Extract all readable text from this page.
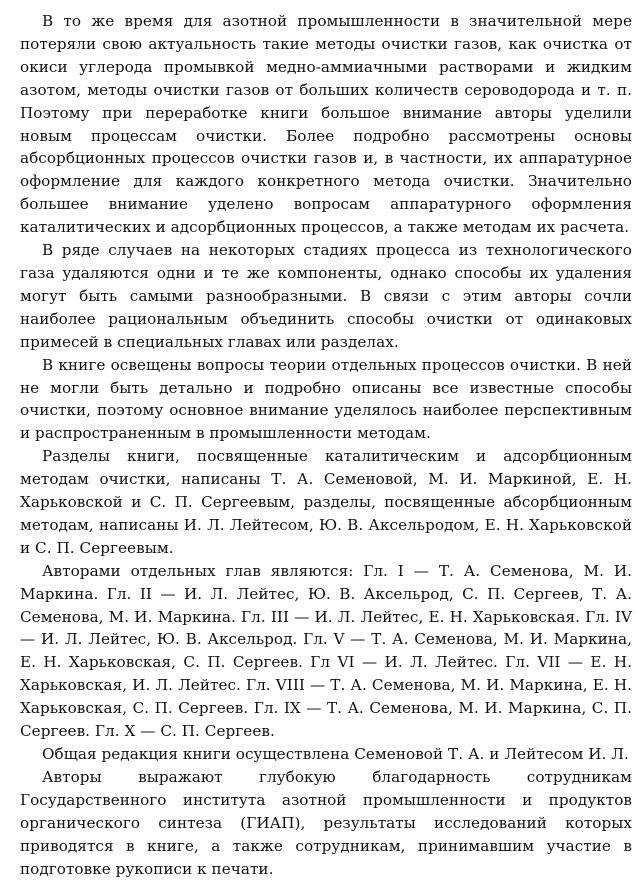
В то же время для азотной промышленности в значительной мере потеряли свою актуальность такие методы очистки газов, как очистка от окиси углерода промывкой медно-аммиачными растворами и жидким азотом, методы очистки газов от больших количеств сероводорода и т. п. Поэтому при переработке книги большое внимание авторы уделили новым процессам очистки. Более подробно рассмотрены основы абсорбционных процессов очистки газов и, в частности, их аппаратурное оформление для каждого конкретного метода очистки. Значительно большее внимание уделено вопросам аппаратурного оформления каталитических и адсорбционных процессов, а также методам их расчета.

В ряде случаев на некоторых стадиях процесса из технологического газа удаляются одни и те же компоненты, однако способы их удаления могут быть самыми разнообразными. В связи с этим авторы сочли наиболее рациональным объединить способы очистки от одинаковых примесей в специальных главах или разделах.

В книге освещены вопросы теории отдельных процессов очистки. В ней не могли быть детально и подробно описаны все известные способы очистки, поэтому основное внимание уделялось наиболее перспективным и распространенным в промышленности методам.

Разделы книги, посвященные каталитическим и адсорбционным методам очистки, написаны Т. А. Семеновой, М. И. Маркиной, Е. Н. Харьковской и С. П. Сергеевым, разделы, посвященные абсорбционным методам, написаны И. Л. Лейтесом, Ю. В. Аксельродом, Е. Н. Харьковской и С. П. Сергеевым.

Авторами отдельных глав являются: Гл. I — Т. А. Семенова, М. И. Маркина. Гл. II — И. Л. Лейтес, Ю. В. Аксельрод, С. П. Сергеев, Т. А. Семенова, М. И. Маркина. Гл. III — И. Л. Лейтес, Е. Н. Харьковская. Гл. IV — И. Л. Лейтес, Ю. В. Аксельрод. Гл. V — Т. А. Семенова, М. И. Маркина, Е. Н. Харьковская, С. П. Сергеев. Гл VI — И. Л. Лейтес. Гл. VII — Е. Н. Харьковская, И. Л. Лейтес. Гл. VIII — Т. А. Семенова, М. И. Маркина, Е. Н. Харьковская, С. П. Сергеев. Гл. IX — Т. А. Семенова, М. И. Маркина, С. П. Сергеев. Гл. X — С. П. Сергеев.

Общая редакция книги осуществлена Семеновой Т. А. и Лейтесом И. Л.

Авторы выражают глубокую благодарность сотрудникам Государственного института азотной промышленности и продуктов органического синтеза (ГИАП), результаты исследований которых приводятся в книге, а также сотрудникам, принимавшим участие в подготовке рукописи к печати.
